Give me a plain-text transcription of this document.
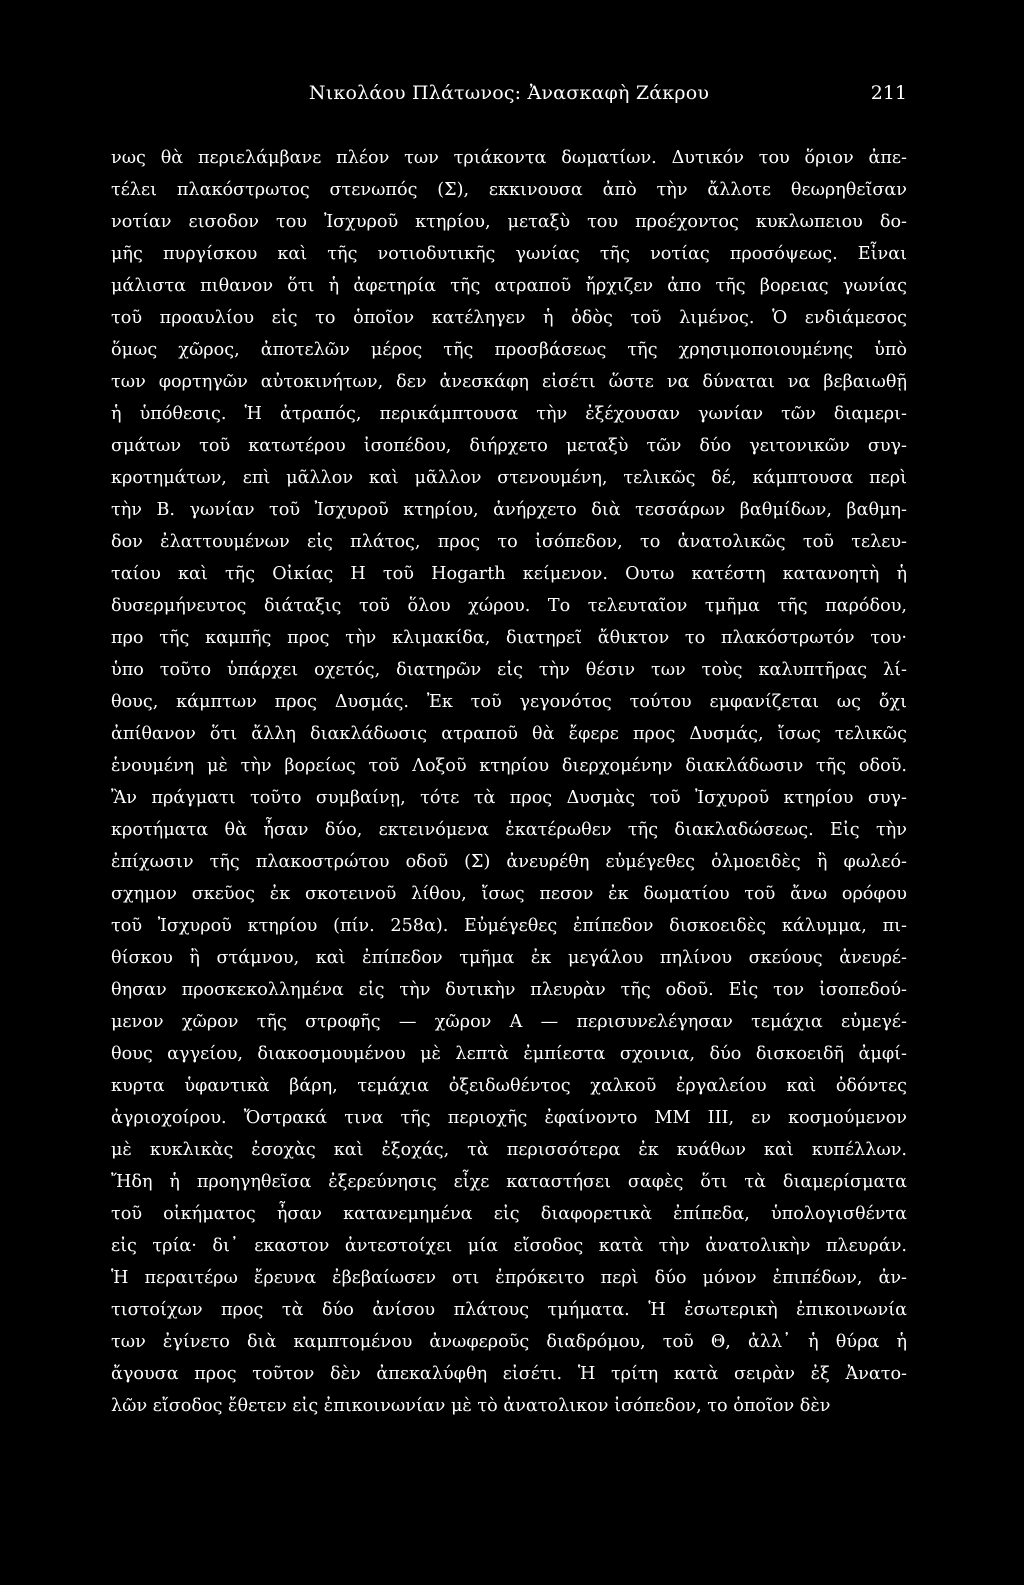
Νικολάου Πλάτωνος: Ἀνασκαφὴ Ζάκρου	211
νως θὰ περιελάμβανε πλέον των τριάκοντα δωματίων. Δυτικόν του ὅριον ἀπε-
τέλει πλακόστρωτος στενωπός (Σ), εκκινουσα ἀπὸ τὴν ἄλλοτε θεωρηθεῖσαν
νοτίαν εισοδον του Ἰσχυροῦ κτηρίου, μεταξὺ του προέχοντος κυκλωπειου δο-
μῆς πυργίσκου καὶ τῆς νοτιοδυτικῆς γωνίας τῆς νοτίας προσόψεως. Εἶναι
μάλιστα πιθανον ὅτι ἡ ἀφετηρία τῆς ατραποῦ ἤρχιζεν ἀπο τῆς βορειας γωνίας
τοῦ προαυλίου εἰς το ὁποῖον κατέληγεν ἡ ὁδὸς τοῦ λιμένος. Ὁ ενδιάμεσος
ὅμως χῶρος, ἀποτελῶν μέρος τῆς προσβάσεως τῆς χρησιμοποιουμένης ὑπὸ
των φορτηγῶν αὐτοκινήτων, δεν ἀνεσκάφη εἰσέτι ὥστε να δύναται να βεβαιωθῇ
ἡ ὑπόθεσις. Ἡ ἀτραπός, περικάμπτουσα τὴν ἐξέχουσαν γωνίαν τῶν διαμερι-
σμάτων τοῦ κατωτέρου ἰσοπέδου, διήρχετο μεταξὺ τῶν δύο γειτονικῶν συγ-
κροτημάτων, επὶ μᾶλλον καὶ μᾶλλον στενουμένη, τελικῶς δέ, κάμπτουσα περὶ
τὴν Β. γωνίαν τοῦ Ἰσχυροῦ κτηρίου, ἀνήρχετο διὰ τεσσάρων βαθμίδων, βαθμη-
δον ἐλαττουμένων εἰς πλάτος, προς το ἰσόπεδον, το ἀνατολικῶς τοῦ τελευ-
ταίου καὶ τῆς Οἰκίας Η τοῦ Hogarth κείμενον. Ουτω κατέστη κατανοητὴ ἡ
δυσερμήνευτος διάταξις τοῦ ὅλου χώρου. Το τελευταῖον τμῆμα τῆς παρόδου,
προ τῆς καμπῆς προς τὴν κλιμακίδα, διατηρεῖ ἄθικτον το πλακόστρωτόν του·
ὑπο τοῦτο ὑπάρχει οχετός, διατηρῶν εἰς τὴν θέσιν των τοὺς καλυπτῆρας λί-
θους, κάμπτων προς Δυσμάς. Ἐκ τοῦ γεγονότος τούτου εμφανίζεται ως ὄχι
ἀπίθανον ὅτι ἄλλη διακλάδωσις ατραποῦ θὰ ἔφερε προς Δυσμάς, ἴσως τελικῶς
ἑνουμένη μὲ τὴν βορείως τοῦ Λοξοῦ κτηρίου διερχομένην διακλάδωσιν τῆς οδοῦ.
Ἂν πράγματι τοῦτο συμβαίνῃ, τότε τὰ προς Δυσμὰς τοῦ Ἰσχυροῦ κτηρίου συγ-
κροτήματα θὰ ἦσαν δύο, εκτεινόμενα ἑκατέρωθεν τῆς διακλαδώσεως. Εἰς τὴν
ἐπίχωσιν τῆς πλακοστρώτου οδοῦ (Σ) ἀνευρέθη εὐμέγεθες ὁλμοειδὲς ἢ φωλεό-
σχημον σκεῦος ἐκ σκοτεινοῦ λίθου, ἴσως πεσον ἐκ δωματίου τοῦ ἄνω ορόφου
τοῦ Ἰσχυροῦ κτηρίου (πίν. 258α). Εὐμέγεθες ἐπίπεδον δισκοειδὲς κάλυμμα, πι-
θίσκου ἢ στάμνου, καὶ ἐπίπεδον τμῆμα ἐκ μεγάλου πηλίνου σκεύους ἀνευρέ-
θησαν προσκεκολλημένα εἰς τὴν δυτικὴν πλευρὰν τῆς οδοῦ. Εἰς τον ἰσοπεδού-
μενον χῶρον τῆς στροφῆς — χῶρον Α — περισυνελέγησαν τεμάχια εὐμεγέ-
θους αγγείου, διακοσμουμένου μὲ λεπτὰ ἐμπίεστα σχοινια, δύο δισκοειδῆ ἀμφί-
κυρτα ὑφαντικὰ βάρη, τεμάχια ὀξειδωθέντος χαλκοῦ ἐργαλείου καὶ ὀδόντες
ἀγριοχοίρου. Ὄστρακά τινα τῆς περιοχῆς ἐφαίνοντο ΜΜ ΙΙΙ, εν κοσμούμενον
μὲ κυκλικὰς ἐσοχὰς καὶ ἐξοχάς, τὰ περισσότερα ἐκ κυάθων καὶ κυπέλλων.
Ἤδη ἡ προηγηθεῖσα ἐξερεύνησις εἶχε καταστήσει σαφὲς ὅτι τὰ διαμερίσματα
τοῦ οἰκήματος ἦσαν κατανεμημένα εἰς διαφορετικὰ ἐπίπεδα, ὑπολογισθέντα
εἰς τρία· δι᾽ εκαστον ἀντεστοίχει μία εἴσοδος κατὰ τὴν ἀνατολικὴν πλευράν.
Ἡ περαιτέρω ἔρευνα ἐβεβαίωσεν οτι ἐπρόκειτο περὶ δύο μόνον ἐπιπέδων, ἀν-
τιστοίχων προς τὰ δύο ἀνίσου πλάτους τμήματα. Ἡ ἐσωτερικὴ ἐπικοινωνία
των ἐγίνετο διὰ καμπτομένου ἀνωφεροῦς διαδρόμου, τοῦ Θ, ἀλλ᾽ ἡ θύρα ἡ
ἄγουσα προς τοῦτον δὲν ἀπεκαλύφθη εἰσέτι. Ἡ τρίτη κατὰ σειρὰν ἐξ Ἀνατο-
λῶν εἴσοδος ἔθετεν εἰς ἐπικοινωνίαν μὲ τὸ ἀνατολικον ἰσόπεδον, το ὁποῖον δὲν
